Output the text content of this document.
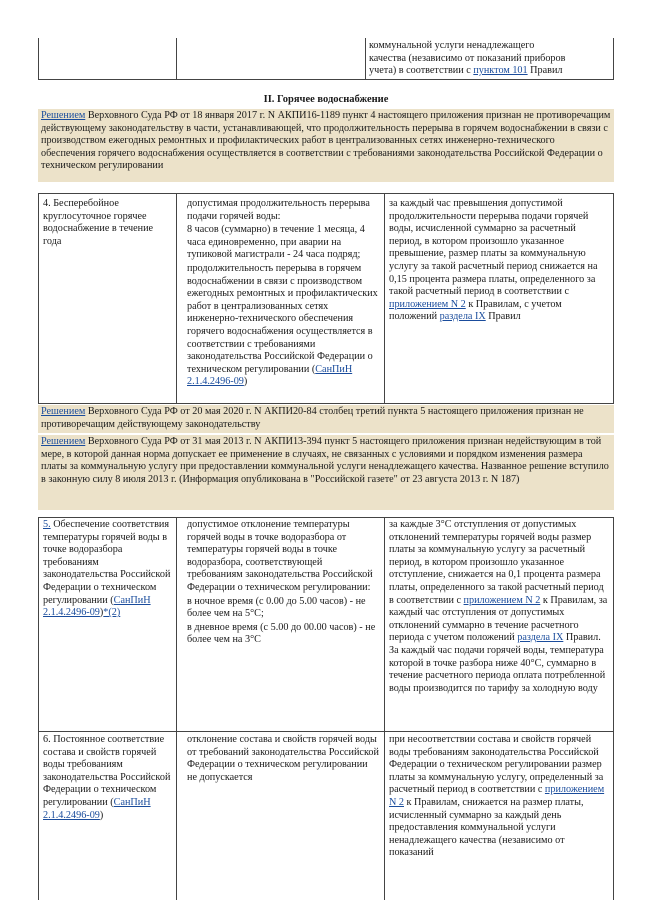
коммунальной услуги ненадлежащего
качества (независимо от показаний приборов
учета) в соответствии с пунктом 101 Правил
II. Горячее водоснабжение
Решением Верховного Суда РФ от 18 января 2017 г. N АКПИ16-1189 пункт 4 настоящего приложения признан не противоречащим действующему законодательству в части, устанавливающей, что продолжительность перерыва в горячем водоснабжении в связи с производством ежегодных ремонтных и профилактических работ в централизованных сетях инженерно-технического обеспечения горячего водоснабжения осуществляется в соответствии с требованиями законодательства Российской Федерации о техническом регулировании
4. Бесперебойное круглосуточное горячее водоснабжение в течение года

допустимая продолжительность перерыва подачи горячей воды:

8 часов (суммарно) в течение 1 месяца, 4 часа единовременно, при аварии на тупиковой магистрали - 24 часа подряд;

продолжительность перерыва в горячем водоснабжении в связи с производством ежегодных ремонтных и профилактических работ в централизованных сетях инженерно-технического обеспечения горячего водоснабжения осуществляется в соответствии с требованиями законодательства Российской Федерации о техническом регулировании (СанПиН 2.1.4.2496-09)

за каждый час превышения допустимой продолжительности перерыва подачи горячей воды, исчисленной суммарно за расчетный период, в котором произошло указанное превышение, размер платы за коммунальную услугу за такой расчетный период снижается на 0,15 процента размера платы, определенного за такой расчетный период в соответствии с приложением N 2 к Правилам, с учетом положений раздела IX Правил
Решением Верховного Суда РФ от 20 мая 2020 г. N АКПИ20-84 столбец третий пункта 5 настоящего приложения признан не противоречащим действующему законодательству
Решением Верховного Суда РФ от 31 мая 2013 г. N АКПИ13-394 пункт 5 настоящего приложения признан недействующим в той мере, в которой данная норма допускает ее применение в случаях, не связанных с условиями и порядком изменения размера платы за коммунальную услугу при предоставлении коммунальной услуги ненадлежащего качества. Названное решение вступило в законную силу 8 июля 2013 г. (Информация опубликована в "Российской газете" от 23 августа 2013 г. N 187)
5. Обеспечение соответствия температуры горячей воды в точке водоразбора требованиям законодательства Российской Федерации о техническом регулировании (СанПиН 2.1.4.2496-09)*(2)

допустимое отклонение температуры горячей воды в точке водоразбора от температуры горячей воды в точке водоразбора, соответствующей требованиям законодательства Российской Федерации о техническом регулировании:

в ночное время (с 0.00 до 5.00 часов) - не более чем на 5°C;

в дневное время (с 5.00 до 00.00 часов) - не более чем на 3°C

за каждые 3°C отступления от допустимых отклонений температуры горячей воды размер платы за коммунальную услугу за расчетный период, в котором произошло указанное отступление, снижается на 0,1 процента размера платы, определенного за такой расчетный период в соответствии с приложением N 2 к Правилам, за каждый час отступления от допустимых отклонений суммарно в течение расчетного периода с учетом положений раздела IX Правил. За каждый час подачи горячей воды, температура которой в точке разбора ниже 40°C, суммарно в течение расчетного периода оплата потребленной воды производится по тарифу за холодную воду
6. Постоянное соответствие состава и свойств горячей воды требованиям законодательства Российской Федерации о техническом регулировании (СанПиН 2.1.4.2496-09)
отклонение состава и свойств горячей воды от требований законодательства Российской Федерации о техническом регулировании не допускается
при несоответствии состава и свойств горячей воды требованиям законодательства Российской Федерации о техническом регулировании размер платы за коммунальную услугу, определенный за расчетный период в соответствии с приложением N 2 к Правилам, снижается на размер платы, исчисленный суммарно за каждый день предоставления коммунальной услуги ненадлежащего качества (независимо от показаний
